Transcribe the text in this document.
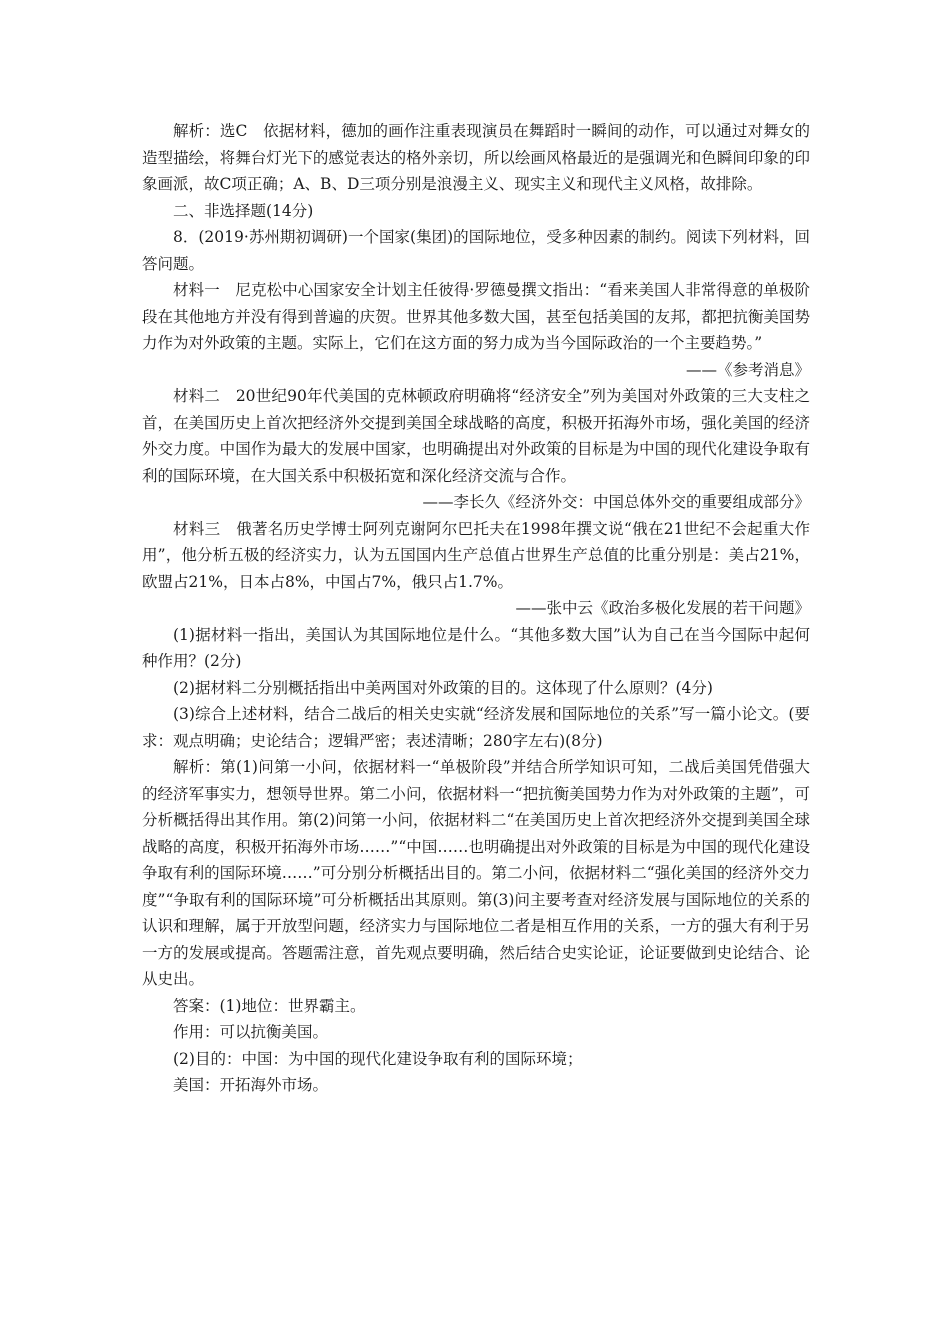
解析：选C　依据材料，德加的画作注重表现演员在舞蹈时一瞬间的动作，可以通过对舞女的造型描绘，将舞台灯光下的感觉表达的格外亲切，所以绘画风格最近的是强调光和色瞬间印象的印象画派，故C项正确；A、B、D三项分别是浪漫主义、现实主义和现代主义风格，故排除。

二、非选择题(14分)

8．(2019·苏州期初调研)一个国家(集团)的国际地位，受多种因素的制约。阅读下列材料，回答问题。

材料一　尼克松中心国家安全计划主任彼得·罗德曼撰文指出：“看来美国人非常得意的单极阶段在其他地方并没有得到普遍的庆贺。世界其他多数大国，甚至包括美国的友邦，都把抗衡美国势力作为对外政策的主题。实际上，它们在这方面的努力成为当今国际政治的一个主要趋势。”

——《参考消息》

材料二　20世纪90年代美国的克林顿政府明确将“经济安全”列为美国对外政策的三大支柱之首，在美国历史上首次把经济外交提到美国全球战略的高度，积极开拓海外市场，强化美国的经济外交力度。中国作为最大的发展中国家，也明确提出对外政策的目标是为中国的现代化建设争取有利的国际环境，在大国关系中积极拓宽和深化经济交流与合作。

——李长久《经济外交：中国总体外交的重要组成部分》

材料三　俄著名历史学博士阿列克谢阿尔巴托夫在1998年撰文说“俄在21世纪不会起重大作用”，他分析五极的经济实力，认为五国国内生产总值占世界生产总值的比重分别是：美占21%，欧盟占21%，日本占8%，中国占7%，俄只占1.7%。

——张中云《政治多极化发展的若干问题》

(1)据材料一指出，美国认为其国际地位是什么。“其他多数大国”认为自己在当今国际中起何种作用？(2分)

(2)据材料二分别概括指出中美两国对外政策的目的。这体现了什么原则？(4分)

(3)综合上述材料，结合二战后的相关史实就“经济发展和国际地位的关系”写一篇小论文。(要求：观点明确；史论结合；逻辑严密；表述清晰；280字左右)(8分)

解析：第(1)问第一小问，依据材料一“单极阶段”并结合所学知识可知，二战后美国凭借强大的经济军事实力，想领导世界。第二小问，依据材料一“把抗衡美国势力作为对外政策的主题”，可分析概括得出其作用。第(2)问第一小问，依据材料二“在美国历史上首次把经济外交提到美国全球战略的高度，积极开拓海外市场……”“中国……也明确提出对外政策的目标是为中国的现代化建设争取有利的国际环境……”可分别分析概括出目的。第二小问，依据材料二“强化美国的经济外交力度”“争取有利的国际环境”可分析概括出其原则。第(3)问主要考查对经济发展与国际地位的关系的认识和理解，属于开放型问题，经济实力与国际地位二者是相互作用的关系，一方的强大有利于另一方的发展或提高。答题需注意，首先观点要明确，然后结合史实论证，论证要做到史论结合、论从史出。

答案：(1)地位：世界霸主。

作用：可以抗衡美国。

(2)目的：中国：为中国的现代化建设争取有利的国际环境；

美国：开拓海外市场。
